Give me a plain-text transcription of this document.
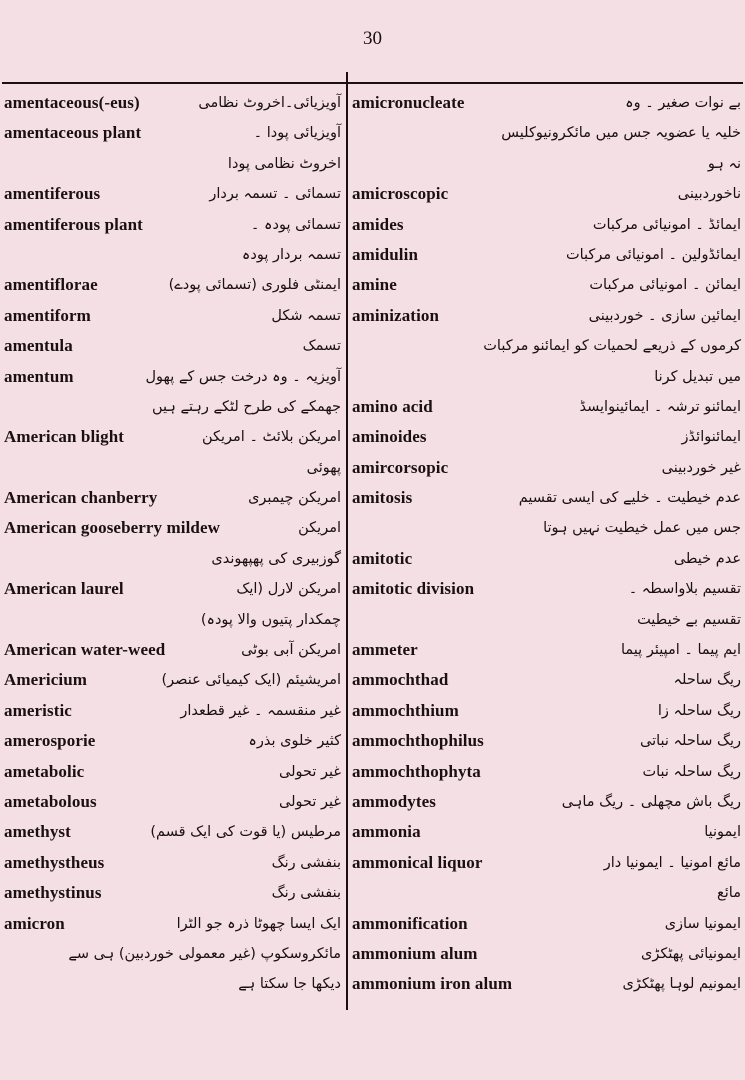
30
amentaceous(-eus)	آویزیائی۔اخروٹ نظامی
amentaceous plant	آویزیائی پودا ۔
اخروٹ نظامی پودا
amentiferous	تسمائی ۔ تسمہ بردار
amentiferous plant	تسمائی پودہ ۔
تسمہ بردار پودہ
amentiflorae	ایمنٹی فلوری (تسمائی پودے)
amentiform	تسمہ شکل
amentula	تسمک
amentum	آویزیہ ۔ وہ درخت جس کے پھول
جھمکے کی طرح لٹکے رہتے ہیں
American blight	امریکن بلائٹ ۔ امریکن
پھوئی
American chanberry	امریکن چیمبری
American gooseberry mildew	امریکن
گوزبیری کی پھپھوندی
American laurel	امریکن لارل (ایک
چمکدار پتیوں والا پودہ)
American water-weed	امریکن آبی بوٹی
Americium	امریشیئم (ایک کیمیائی عنصر)
ameristic	غیر منقسمہ ۔ غیر قطعدار
amerosporie	کثیر خلوی بذرہ
ametabolic	غیر تحولی
ametabolous	غیر تحولی
amethyst	مرطیس (یا قوت کی ایک قسم)
amethystheus	بنفشی رنگ
amethystinus	بنفشی رنگ
amicron	ایک ایسا چھوٹا ذرہ جو الٹرا
مائکروسکوپ (غیر معمولی خوردبین) ہی سے
دیکھا جا سکتا ہے
amicronucleate	بے نوات صغیر ۔ وہ
خلیہ یا عضویہ جس میں مائکرونیوکلیس
نہ ہو
amicroscopic	ناخوردبینی
amides	ایمائڈ ۔ امونیائی مرکبات
amidulin	ایمائڈولین ۔ امونیائی مرکبات
amine	ایمائن ۔ امونیائی مرکبات
aminization	ایمائین سازی ۔ خوردبینی
کرموں کے ذریعے لحمیات کو ایمائنو مرکبات
میں تبدیل کرنا
amino acid	ایمائنو ترشہ ۔ ایمائینوایسڈ
aminoides	ایمائنوائڈز
amircorsopic	غیر خوردبینی
amitosis	عدم خیطیت ۔ خلیے کی ایسی تقسیم
جس میں عمل خیطیت نہیں ہوتا
amitotic	عدم خیطی
amitotic division	تقسیم بلاواسطہ ۔
تقسیم بے خیطیت
ammeter	ایم پیما ۔ امپیئر پیما
ammochthad	ریگ ساحلہ
ammochthium	ریگ ساحلہ زا
ammochthophilus	ریگ ساحلہ نباتی
ammochthophyta	ریگ ساحلہ نبات
ammodytes	ریگ باش مچھلی ۔ ریگ ماہی
ammonia	ایمونیا
ammonical liquor	مائع امونیا ۔ ایمونیا دار
مائع
ammonification	ایمونیا سازی
ammonium alum	ایمونیائی پھٹکڑی
ammonium iron alum	ایمونیم لوہا پھٹکڑی
